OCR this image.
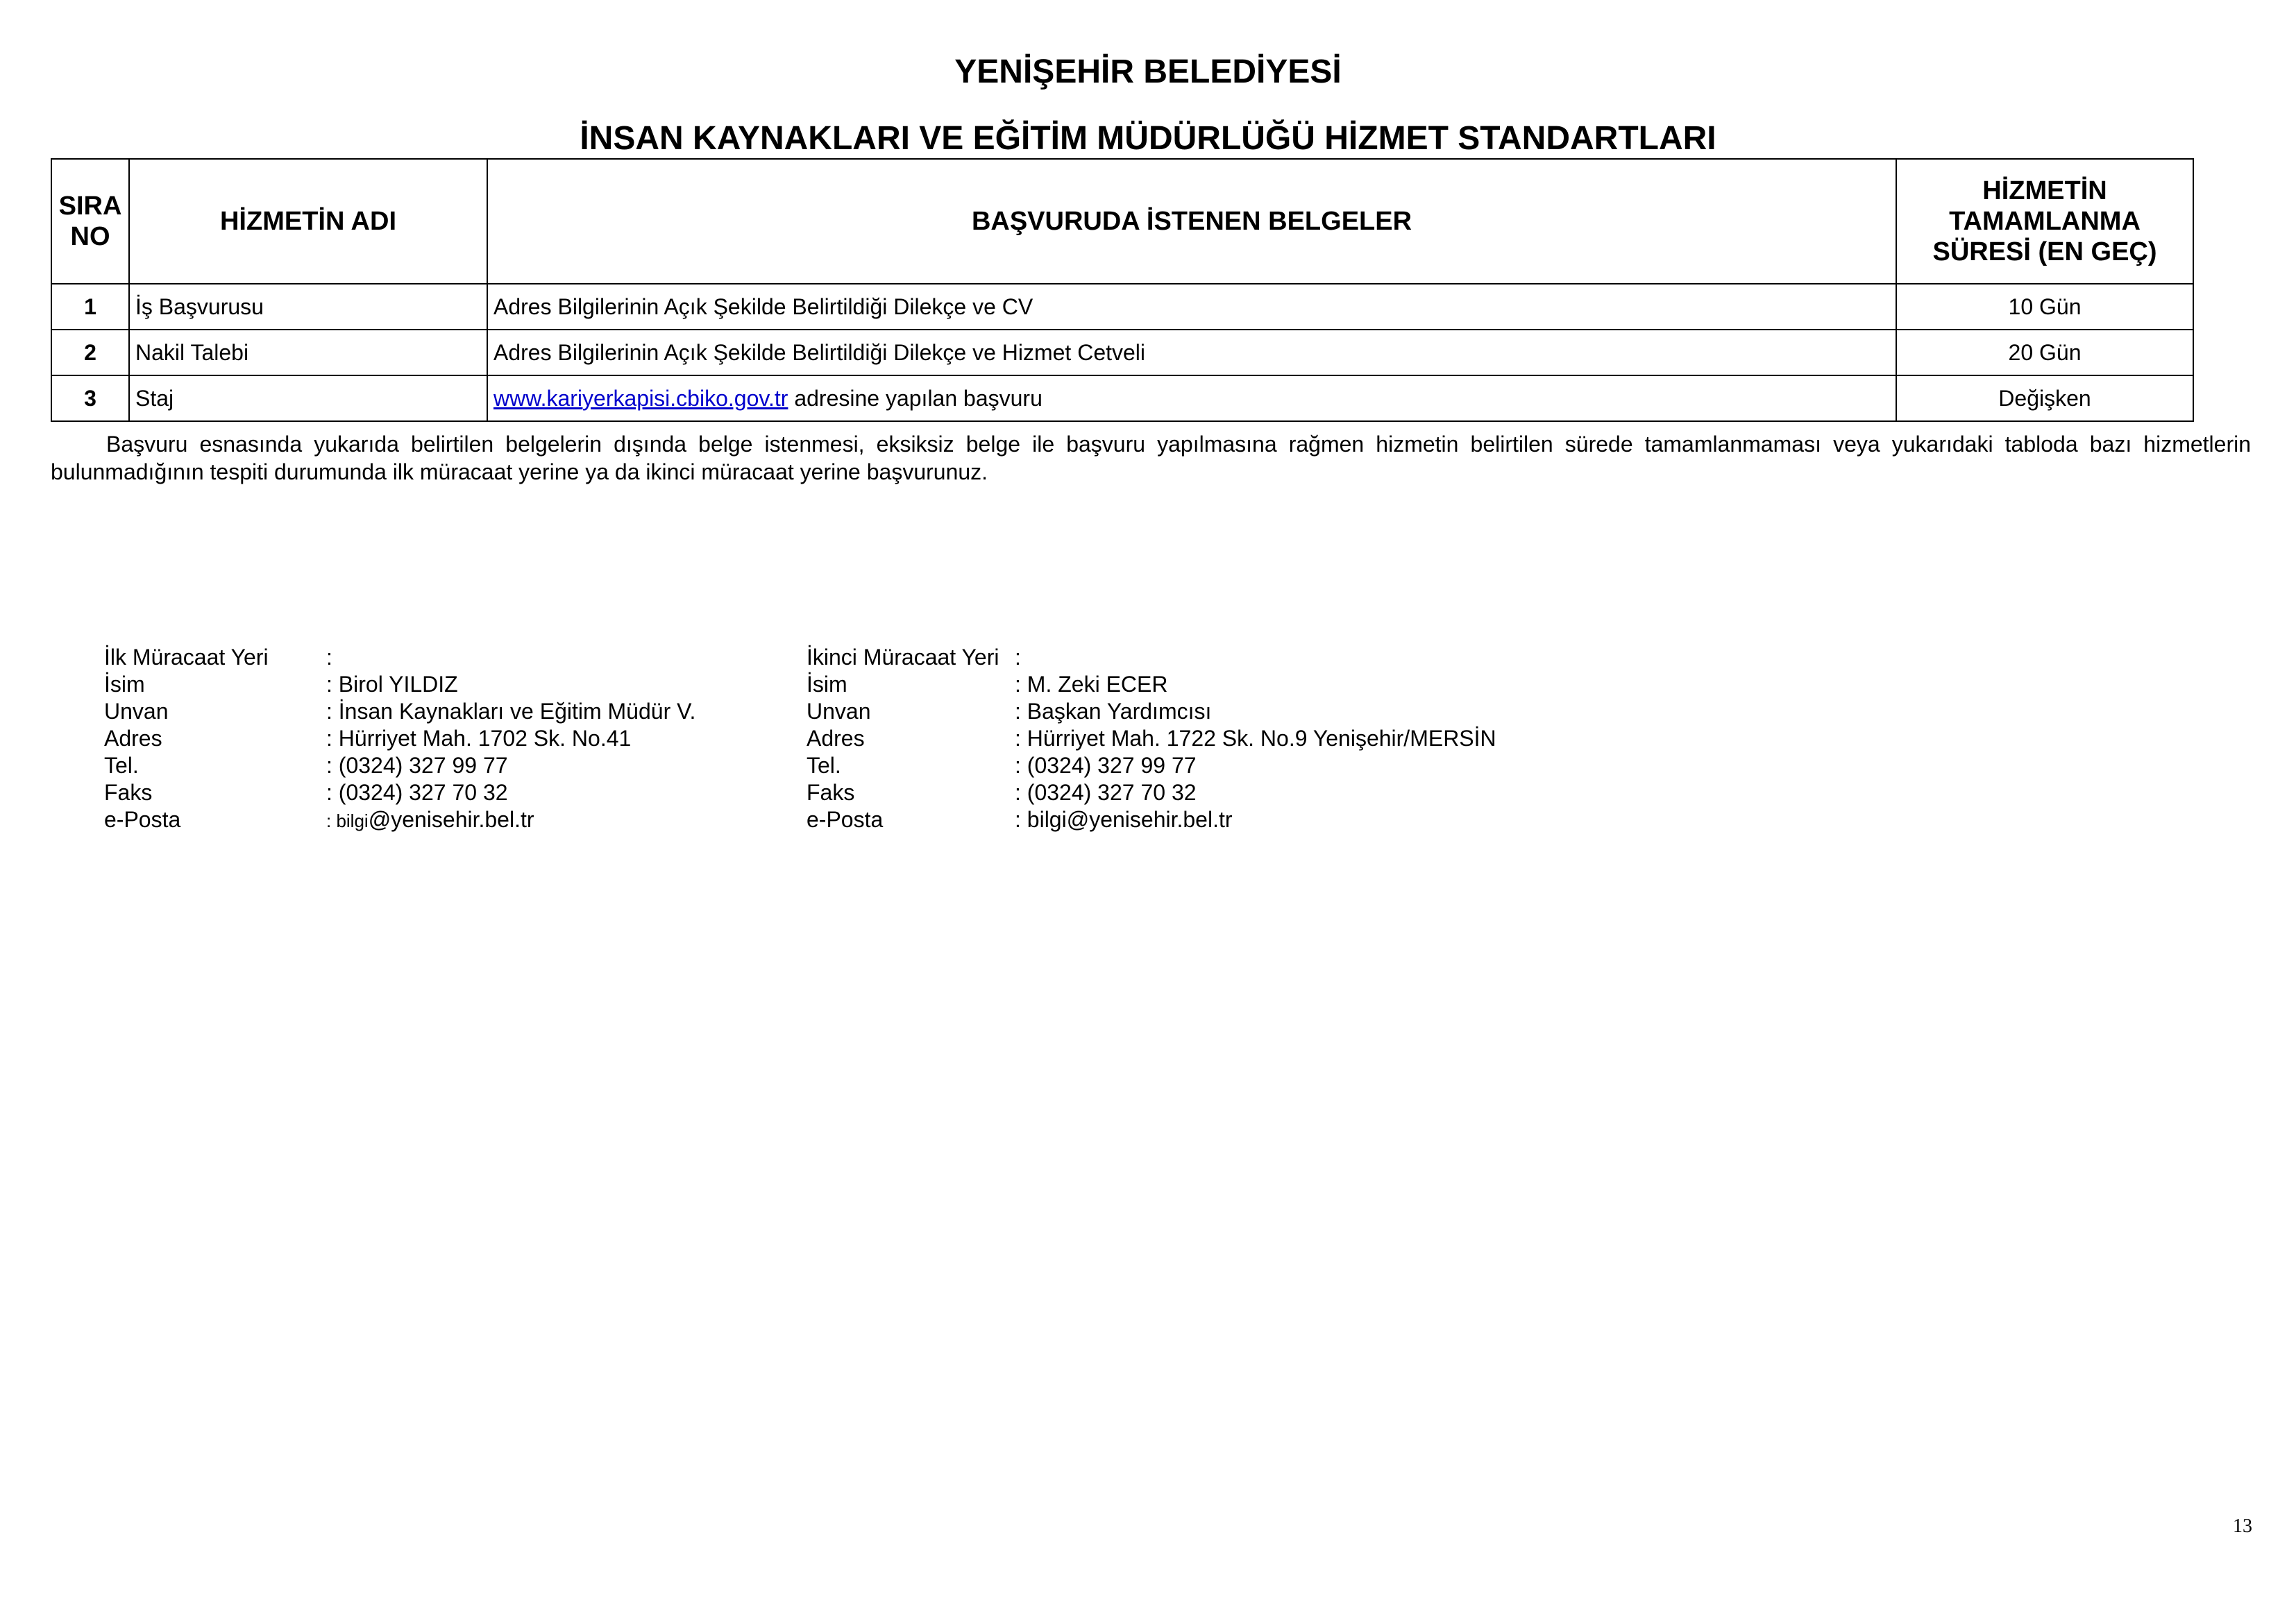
YENİŞEHİR BELEDİYESİ
İNSAN KAYNAKLARI VE EĞİTİM MÜDÜRLÜĞÜ HİZMET STANDARTLARI
SIRA NO	HİZMETİN ADI	BAŞVURUDA İSTENEN BELGELER	HİZMETİN TAMAMLANMA SÜRESİ (EN GEÇ)
1	İş Başvurusu	Adres Bilgilerinin Açık Şekilde Belirtildiği Dilekçe ve CV	10 Gün
2	Nakil Talebi	Adres Bilgilerinin Açık Şekilde Belirtildiği Dilekçe ve Hizmet Cetveli	20 Gün
3	Staj	www.kariyerkapisi.cbiko.gov.tr adresine yapılan başvuru	Değişken
Başvuru esnasında yukarıda belirtilen belgelerin dışında belge istenmesi, eksiksiz belge ile başvuru yapılmasına rağmen hizmetin belirtilen sürede tamamlanmaması veya yukarıdaki tabloda bazı hizmetlerin bulunmadığının tespiti durumunda ilk müracaat yerine ya da ikinci müracaat yerine başvurunuz.
İlk Müracaat Yeri	:
İsim	: Birol YILDIZ
Unvan	: İnsan Kaynakları ve Eğitim Müdür V.
Adres	: Hürriyet Mah. 1702 Sk. No.41
Tel.	: (0324) 327 99 77
Faks	: (0324) 327 70 32
e-Posta	: bilgi@yenisehir.bel.tr
İkinci Müracaat Yeri :
İsim	: M. Zeki ECER
Unvan	: Başkan Yardımcısı
Adres	: Hürriyet Mah. 1722 Sk. No.9 Yenişehir/MERSİN
Tel.	: (0324) 327 99 77
Faks	: (0324) 327 70 32
e-Posta	: bilgi@yenisehir.bel.tr
13
